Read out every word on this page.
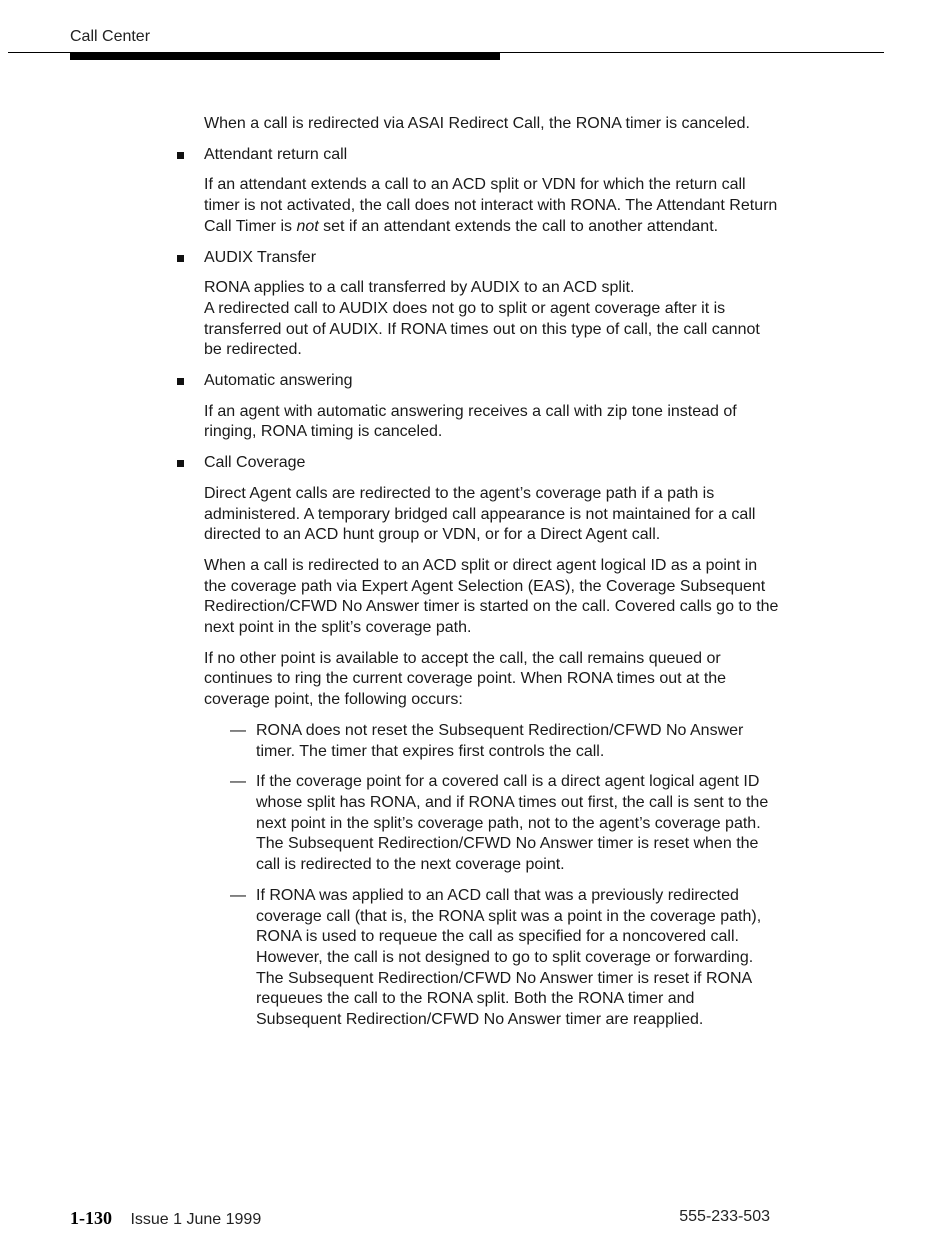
Call Center

When a call is redirected via ASAI Redirect Call, the RONA timer is canceled.

Attendant return call

If an attendant extends a call to an ACD split or VDN for which the return call timer is not activated, the call does not interact with RONA. The Attendant Return Call Timer is not set if an attendant extends the call to another attendant.

AUDIX Transfer

RONA applies to a call transferred by AUDIX to an ACD split.
A redirected call to AUDIX does not go to split or agent coverage after it is transferred out of AUDIX. If RONA times out on this type of call, the call cannot be redirected.

Automatic answering

If an agent with automatic answering receives a call with zip tone instead of ringing, RONA timing is canceled.

Call Coverage

Direct Agent calls are redirected to the agent’s coverage path if a path is administered. A temporary bridged call appearance is not maintained for a call directed to an ACD hunt group or VDN, or for a Direct Agent call.

When a call is redirected to an ACD split or direct agent logical ID as a point in the coverage path via Expert Agent Selection (EAS), the Coverage Subsequent Redirection/CFWD No Answer timer is started on the call. Covered calls go to the next point in the split’s coverage path.

If no other point is available to accept the call, the call remains queued or continues to ring the current coverage point. When RONA times out at the coverage point, the following occurs:

— RONA does not reset the Subsequent Redirection/CFWD No Answer timer. The timer that expires first controls the call.
— If the coverage point for a covered call is a direct agent logical agent ID whose split has RONA, and if RONA times out first, the call is sent to the next point in the split’s coverage path, not to the agent’s coverage path. The Subsequent Redirection/CFWD No Answer timer is reset when the call is redirected to the next coverage point.
— If RONA was applied to an ACD call that was a previously redirected coverage call (that is, the RONA split was a point in the coverage path), RONA is used to requeue the call as specified for a noncovered call. However, the call is not designed to go to split coverage or forwarding. The Subsequent Redirection/CFWD No Answer timer is reset if RONA requeues the call to the RONA split. Both the RONA timer and Subsequent Redirection/CFWD No Answer timer are reapplied.
1-130 Issue 1 June 1999	555-233-503
